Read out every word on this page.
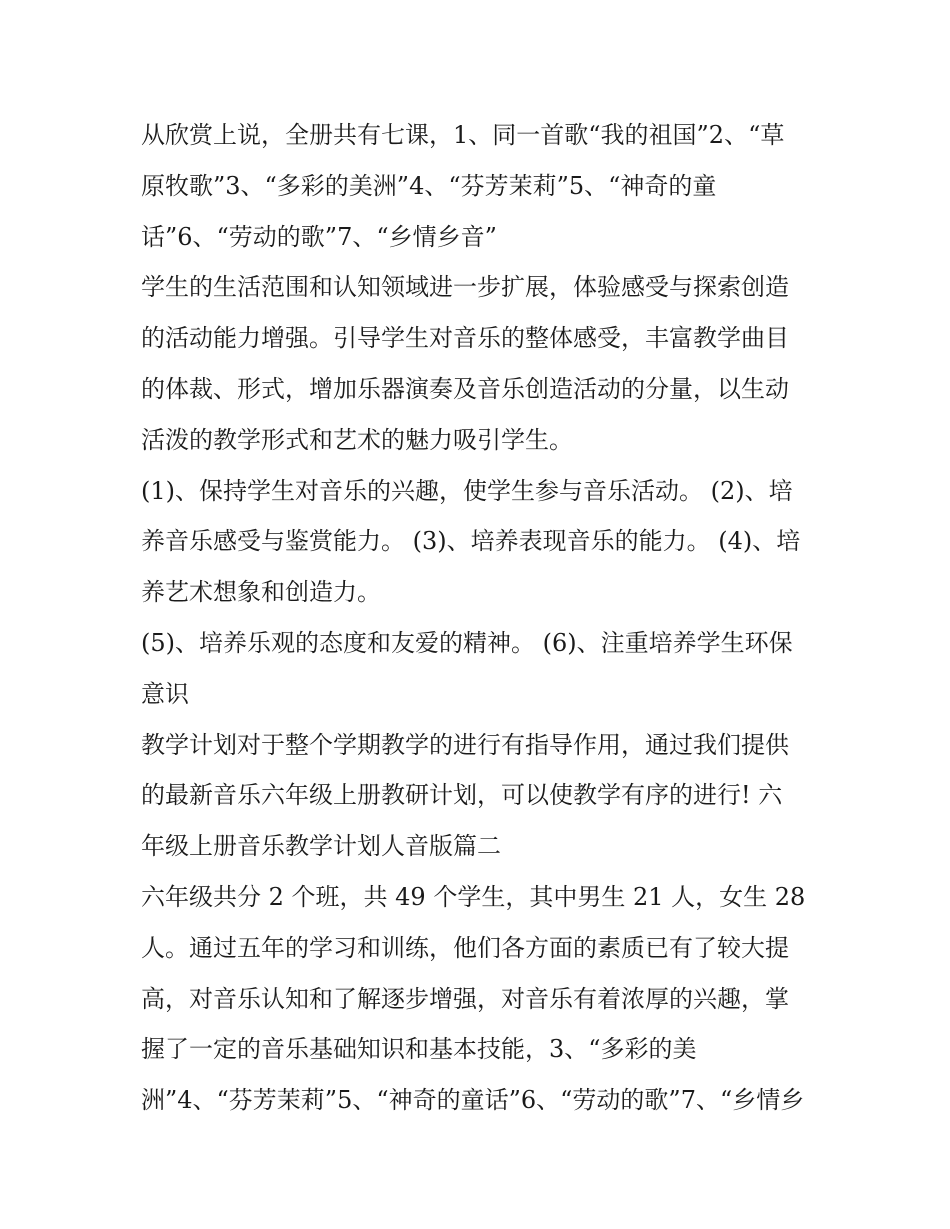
从欣赏上说，全册共有七课，1、同一首歌“我的祖国”2、“草
原牧歌”3、“多彩的美洲”4、“芬芳茉莉”5、“神奇的童
话”6、“劳动的歌”7、“乡情乡音”
学生的生活范围和认知领域进一步扩展，体验感受与探索创造
的活动能力增强。引导学生对音乐的整体感受，丰富教学曲目
的体裁、形式，增加乐器演奏及音乐创造活动的分量，以生动
活泼的教学形式和艺术的魅力吸引学生。
(1)、保持学生对音乐的兴趣，使学生参与音乐活动。 (2)、培
养音乐感受与鉴赏能力。 (3)、培养表现音乐的能力。 (4)、培
养艺术想象和创造力。
(5)、培养乐观的态度和友爱的精神。 (6)、注重培养学生环保
意识
教学计划对于整个学期教学的进行有指导作用，通过我们提供
的最新音乐六年级上册教研计划，可以使教学有序的进行! 六
年级上册音乐教学计划人音版篇二
六年级共分 2 个班，共 49 个学生，其中男生 21 人，女生 28
人。通过五年的学习和训练，他们各方面的素质已有了较大提
高，对音乐认知和了解逐步增强，对音乐有着浓厚的兴趣，掌
握了一定的音乐基础知识和基本技能，3、“多彩的美
洲”4、“芬芳茉莉”5、“神奇的童话”6、“劳动的歌”7、“乡情乡
